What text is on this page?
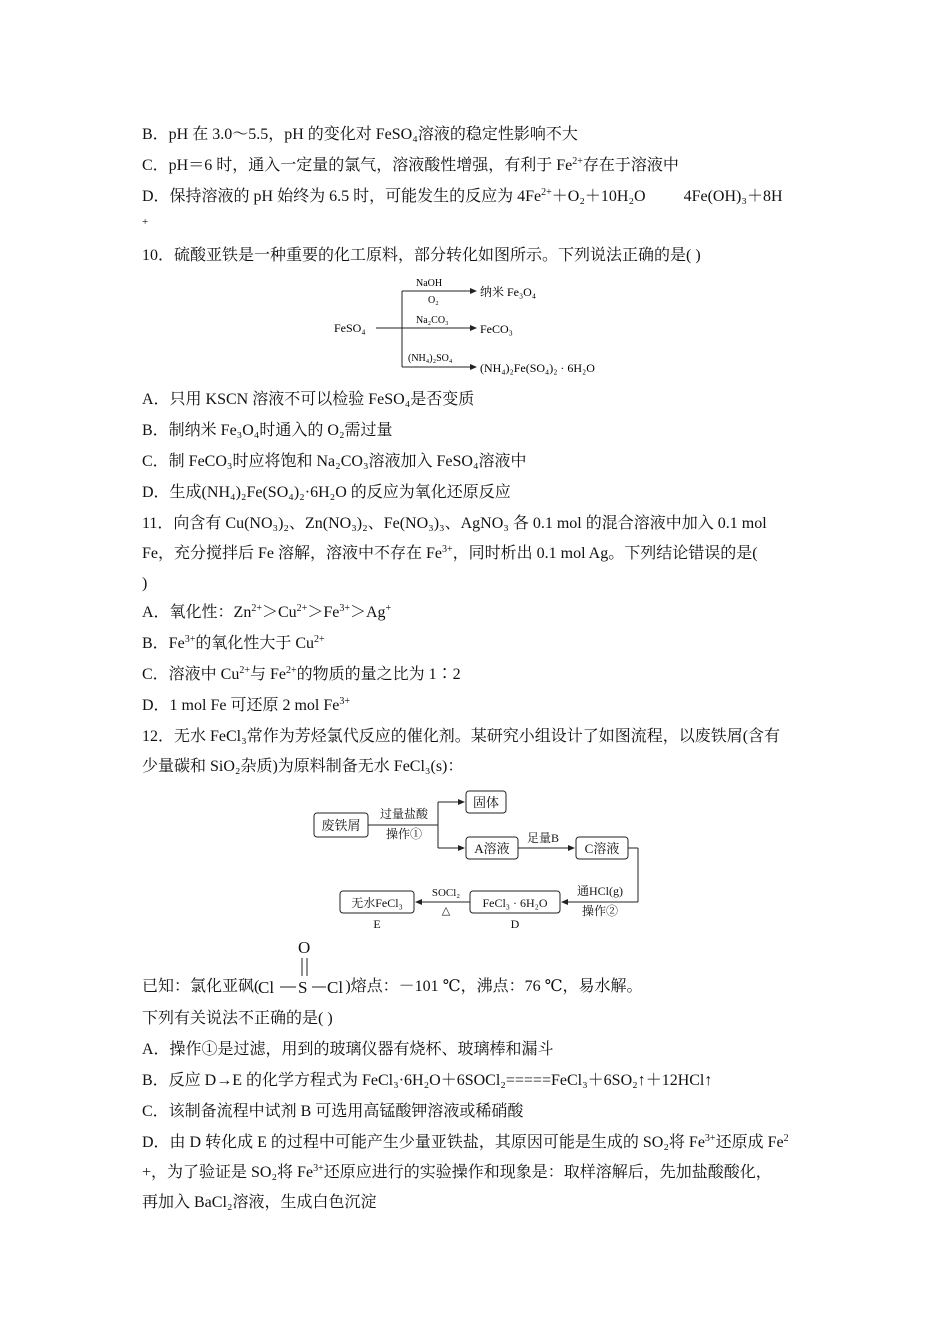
B．pH 在 3.0～5.5，pH 的变化对 FeSO₄溶液的稳定性影响不大
C．pH＝6 时，通入一定量的氯气，溶液酸性增强，有利于 $Fe^{2+}$存在于溶液中
D．保持溶液的 pH 始终为 6.5 时，可能发生的反应为 $4Fe^{2+}+O_2+10H_2O$ 4Fe(OH)₃＋8H
+
10．硫酸亚铁是一种重要的化工原料，部分转化如图所示。下列说法正确的是( )
FeSO₄
NaOH
O₂
纳米 Fe₃O₄
Na₂CO₃
FeCO₃
(NH₄)₂SO₄
(NH₄)₂Fe(SO₄)₂ · 6H₂O
A．只用 KSCN 溶液不可以检验 FeSO₄是否变质
B．制纳米 Fe₃O₄时通入的 O₂需过量
C．制 FeCO₃时应将饱和 Na₂CO₃溶液加入 FeSO₄溶液中
D．生成(NH₄)₂Fe(SO₄)₂·6H₂O 的反应为氧化还原反应
11．向含有 Cu(NO₃)₂、Zn(NO₃)₂、Fe(NO₃)₃、AgNO₃ 各 0.1 mol 的混合溶液中加入 0.1 mol
Fe，充分搅拌后 Fe 溶解，溶液中不存在 $Fe^{3+}$，同时析出 0.1 mol Ag。下列结论错误的是(
)
A．氧化性：$Zn^{2+}>Cu^{2+}>Fe^{3+}>Ag^+$
B．$Fe^{3+}$的氧化性大于 $Cu^{2+}$
C．溶液中 $Cu^{2+}$与 $Fe^{2+}$的物质的量之比为 1∶2
D．1 mol Fe 可还原 2 mol $Fe^{3+}$
12．无水 FeCl₃常作为芳烃氯代反应的催化剂。某研究小组设计了如图流程，以废铁屑(含有
少量碳和 SiO₂杂质)为原料制备无水 FeCl₃(s)：
废铁屑
过量盐酸
操作①
固体
A溶液
足量B
C溶液
通HCl(g)
操作②
FeCl₃ · 6H₂O
D
SOCl₂
△
无水FeCl₃
E
已知：氯化亚砜(	)熔点：－101 ℃，沸点：76 ℃，易水解。
O
Cl S Cl
下列有关说法不正确的是( )
A．操作①是过滤，用到的玻璃仪器有烧杯、玻璃棒和漏斗
B．反应 D→E 的化学方程式为 FeCl₃·6H₂O＋6SOCl₂=====FeCl₃＋6SO₂↑＋12HCl↑
C．该制备流程中试剂 B 可选用高锰酸钾溶液或稀硝酸
D．由 D 转化成 E 的过程中可能产生少量亚铁盐，其原因可能是生成的 SO₂将 $Fe^{3+}$还原成 $Fe^2$
+，为了验证是 SO₂将 $Fe^{3+}$还原应进行的实验操作和现象是：取样溶解后，先加盐酸酸化，
再加入 BaCl₂溶液，生成白色沉淀
